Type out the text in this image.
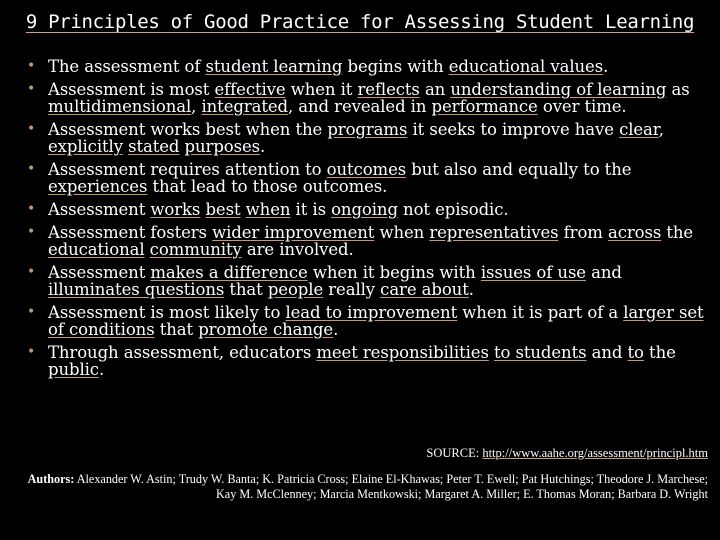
9 Principles of Good Practice for Assessing Student Learning
• The assessment of student learning begins with educational values.
• Assessment is most effective when it reflects an understanding of learning as multidimensional, integrated, and revealed in performance over time.
• Assessment works best when the programs it seeks to improve have clear, explicitly stated purposes.
• Assessment requires attention to outcomes but also and equally to the experiences that lead to those outcomes.
• Assessment works best when it is ongoing not episodic.
• Assessment fosters wider improvement when representatives from across the educational community are involved.
• Assessment makes a difference when it begins with issues of use and illuminates questions that people really care about.
• Assessment is most likely to lead to improvement when it is part of a larger set of conditions that promote change.
• Through assessment, educators meet responsibilities to students and to the public.
SOURCE: http://www.aahe.org/assessment/principl.htm
Authors: Alexander W. Astin; Trudy W. Banta; K. Patricia Cross; Elaine El-Khawas; Peter T. Ewell; Pat Hutchings; Theodore J. Marchese; Kay M. McClenney; Marcia Mentkowski; Margaret A. Miller; E. Thomas Moran; Barbara D. Wright
